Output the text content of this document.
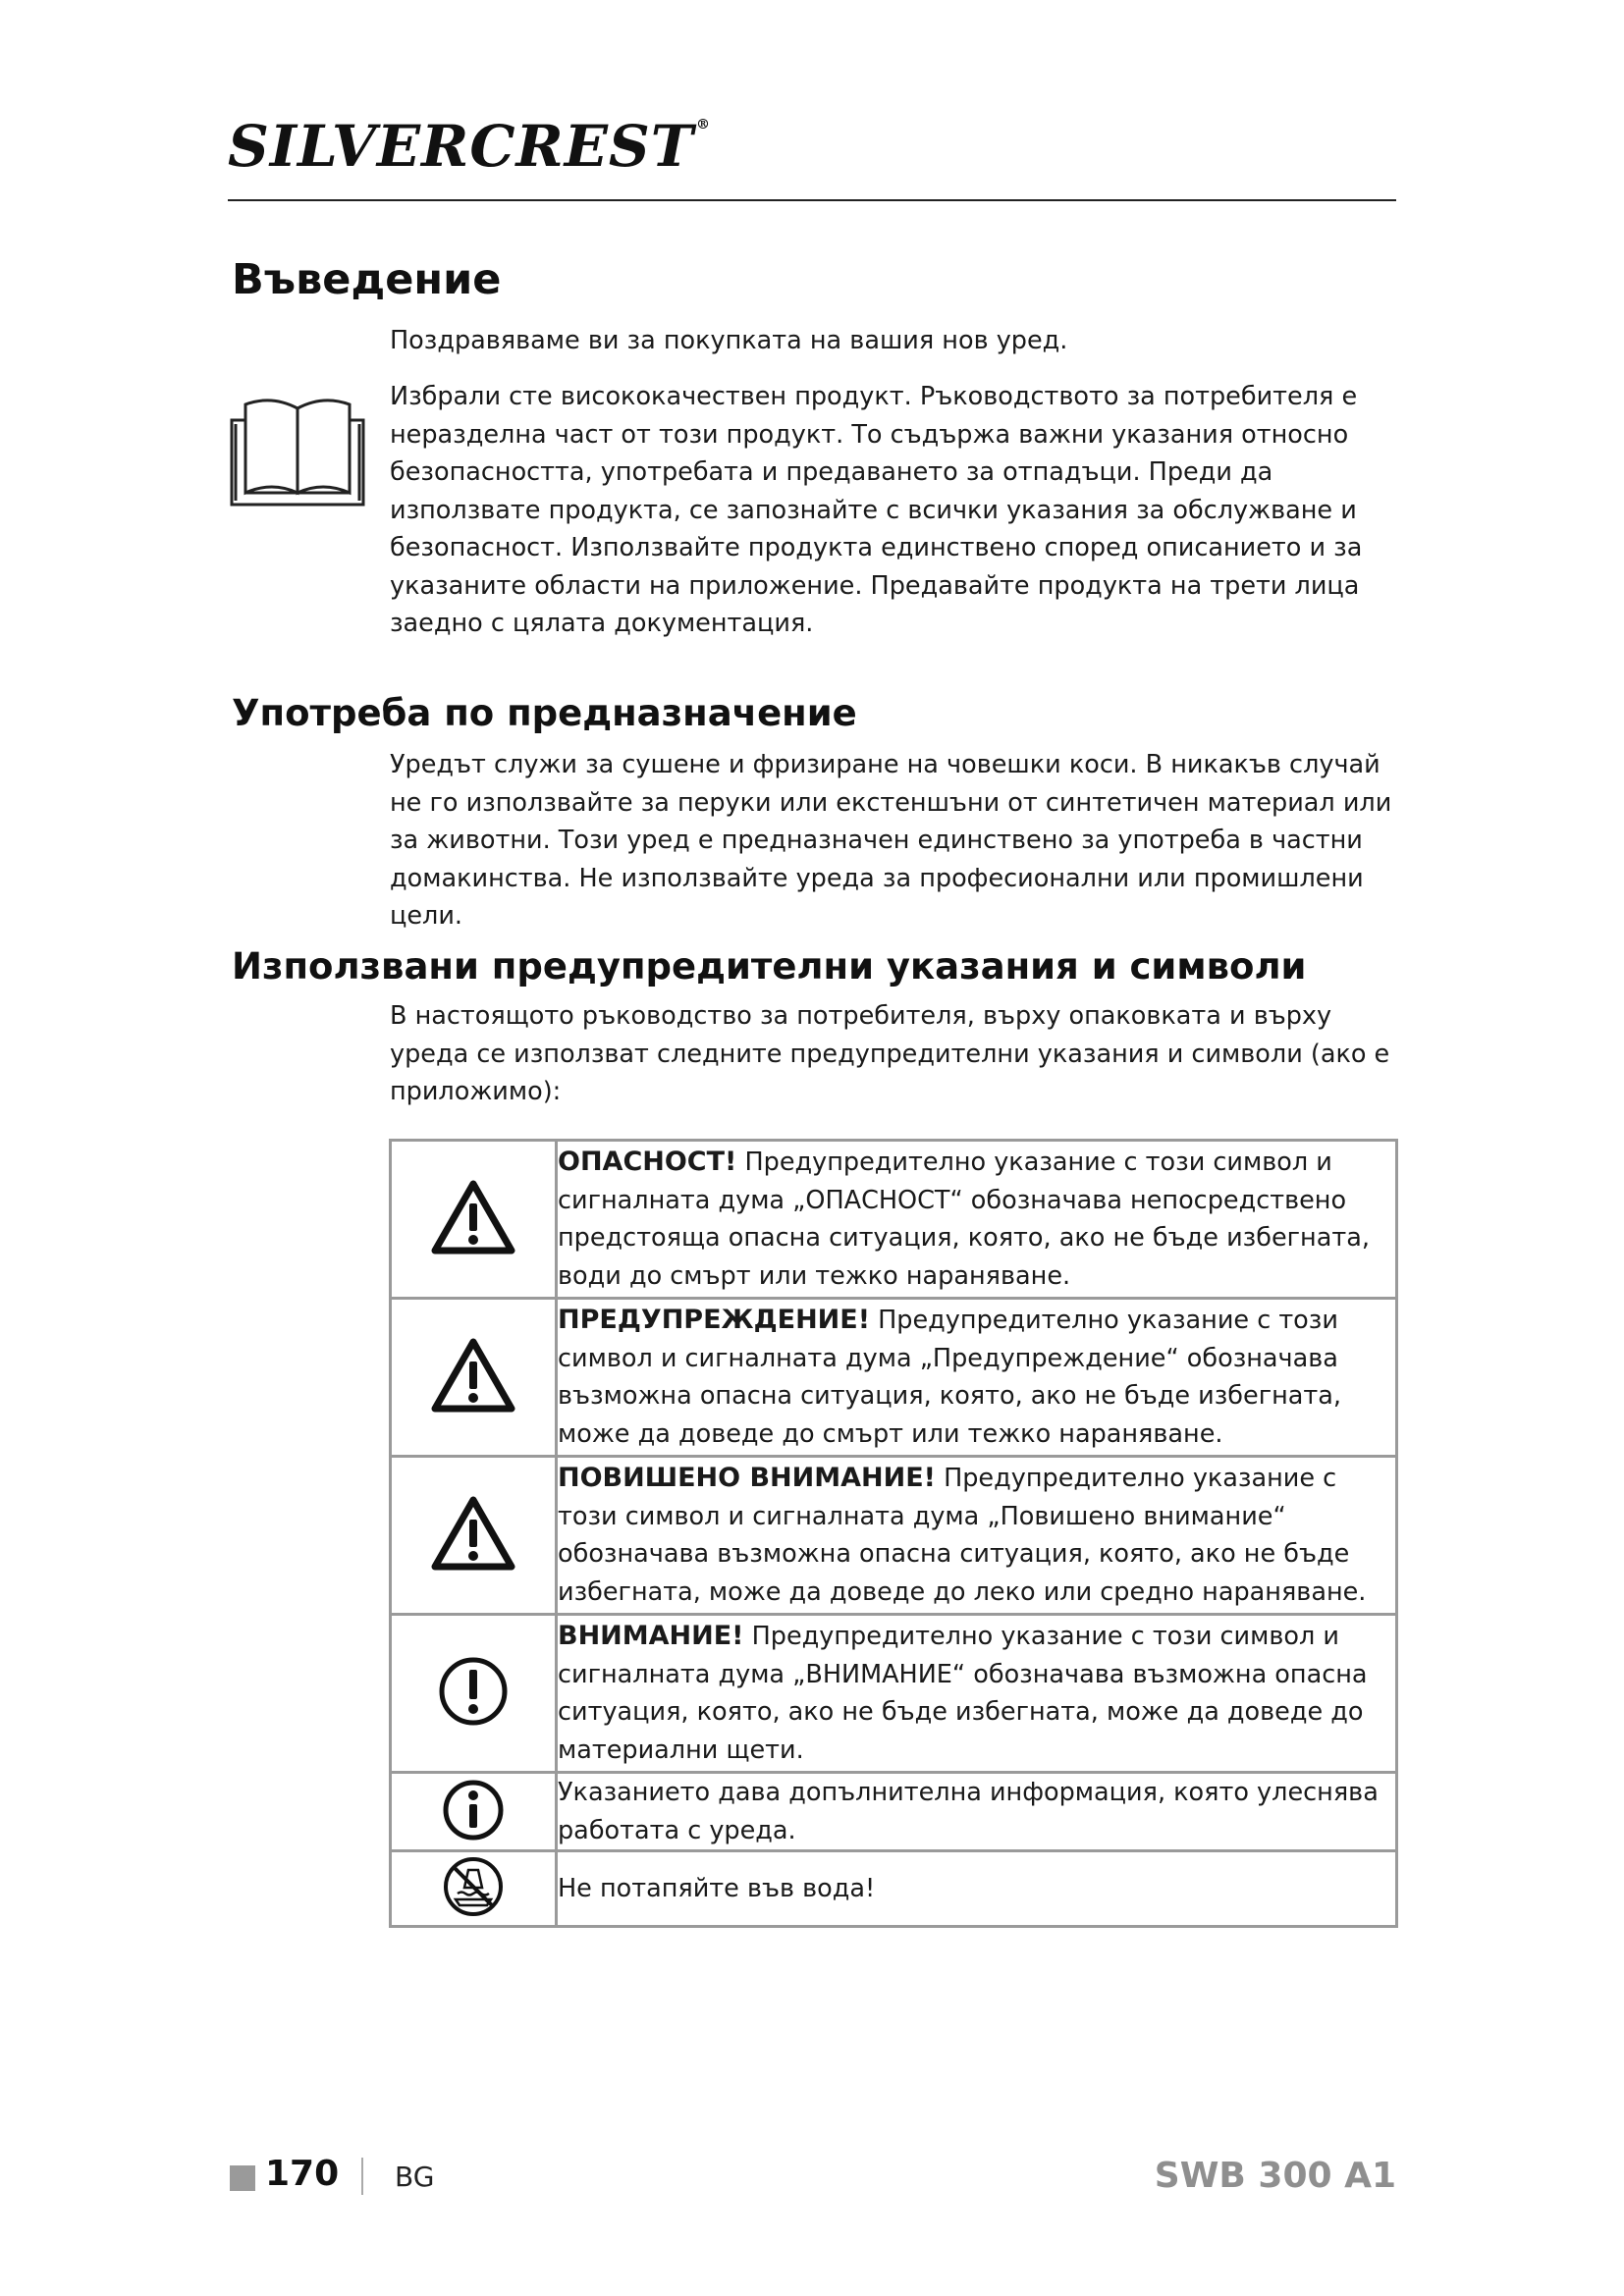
SILVERCREST ®
Въведение

Поздравяваме ви за покупката на вашия нов уред.

Избрали сте висококачествен продукт. Ръководството за потребителя е неразделна част от този продукт. То съдържа важни указания относно безопасността, употребата и предаването за отпадъци. Преди да използвате продукта, се запознайте с всички указания за обслужване и безопасност. Използвайте продукта единствено според описанието и за указаните области на приложение. Предавайте продукта на трети лица заедно с цялата документация.

Употреба по предназначение

Уредът служи за сушене и фризиране на човешки коси. В никакъв случай не го използвайте за перуки или екстеншъни от синтетичен материал или за животни. Този уред е предназначен единствено за употреба в частни домакинства. Не използвайте уреда за професионални или промишлени цели.

Използвани предупредителни указания и символи

В настоящото ръководство за потребителя, върху опаковката и върху уреда се използват следните предупредителни указания и символи (ако е приложимо):

	ОПАСНОСТ! Предупредително указание с този символ и сигналната дума „ОПАСНОСТ“ обозначава непосредствено предстояща опасна ситуация, която, ако не бъде избегната, води до смърт или тежко нараняване.
	ПРЕДУПРЕЖДЕНИЕ! Предупредително указание с този символ и сигналната дума „Предупреждение“ обозначава възможна опасна ситуация, която, ако не бъде избегната, може да доведе до смърт или тежко нараняване.
	ПОВИШЕНО ВНИМАНИЕ! Предупредително указание с този символ и сигналната дума „Повишено внимание“ обозначава възможна опасна ситуация, която, ако не бъде избегната, може да доведе до леко или средно нараняване.
	ВНИМАНИЕ! Предупредително указание с този символ и сигналната дума „ВНИМАНИЕ“ обозначава възможна опасна ситуация, която, ако не бъде избегната, може да доведе до материални щети.
	Указанието дава допълнителна информация, която улеснява работата с уреда.
	Не потапяйте във вода!
170 BG	SWB 300 A1
